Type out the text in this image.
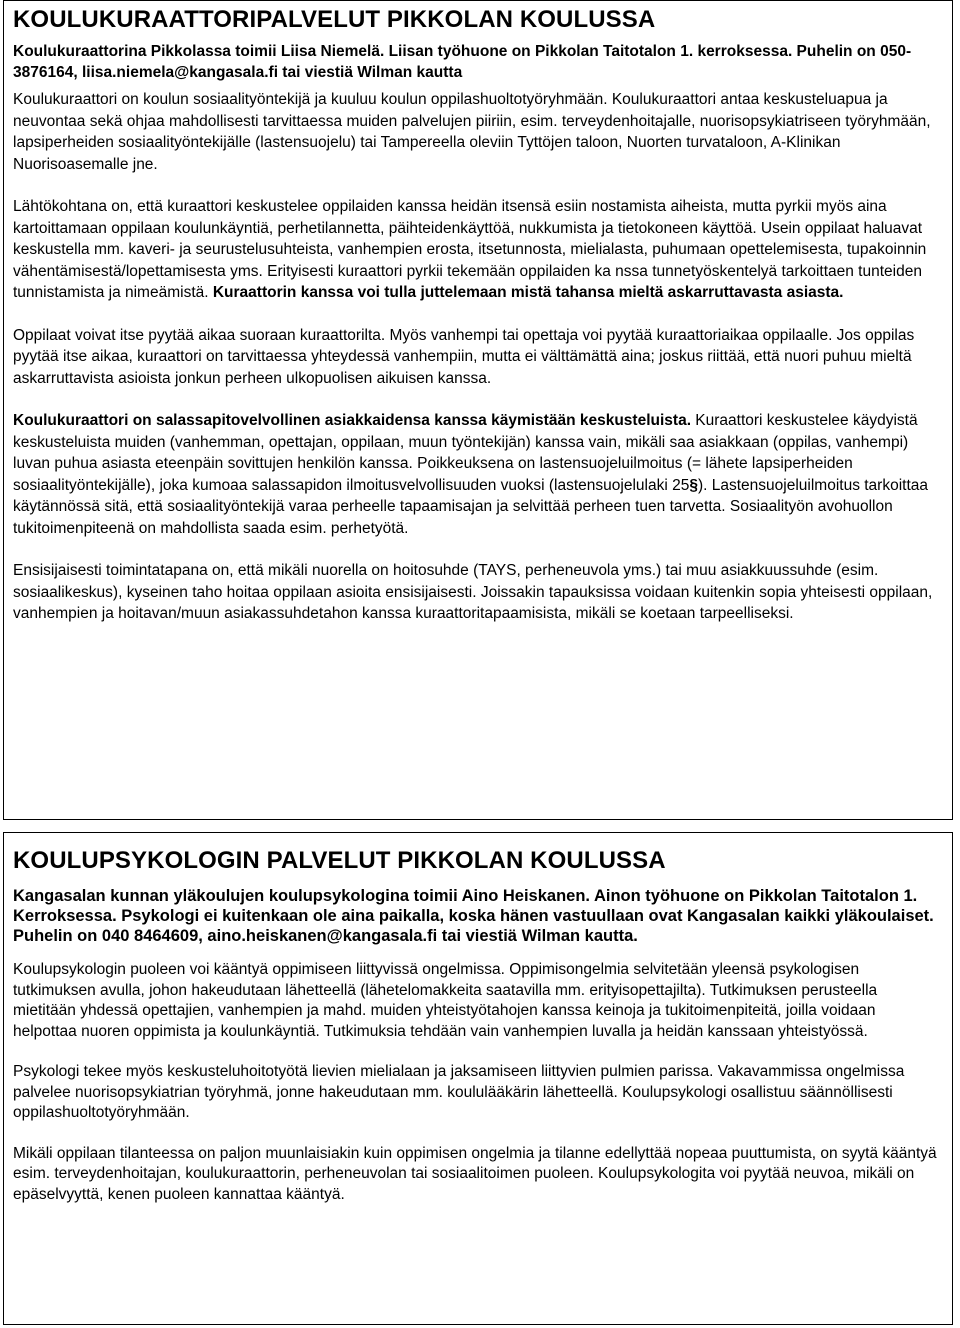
KOULUKURAATTORIPALVELUT PIKKOLAN KOULUSSA
Koulukuraattorina Pikkolassa toimii Liisa Niemelä. Liisan työhuone on Pikkolan Taitotalon 1. kerroksessa. Puhelin on 050-3876164, liisa.niemela@kangasala.fi tai viestiä Wilman kautta

Koulukuraattori on koulun sosiaalityöntekijä ja kuuluu koulun oppilashuoltotyöryhmään. Koulukuraattori antaa keskusteluapua ja neuvontaa sekä ohjaa mahdollisesti tarvittaessa muiden palvelujen piiriin, esim. terveydenhoitajalle, nuorisopsykiatriseen työryhmään, lapsiperheiden sosiaalityöntekijälle (lastensuojelu) tai Tampereella oleviin Tyttöjen taloon, Nuorten turvataloon, A-Klinikan Nuorisoasemalle jne.

Lähtökohtana on, että kuraattori keskustelee oppilaiden kanssa heidän itsensä esiin nostamista aiheista, mutta pyrkii myös aina kartoittamaan oppilaan koulunkäyntiä, perhetilannetta, päihteidenkäyttöä, nukkumista ja tietokoneen käyttöä. Usein oppilaat haluavat keskustella mm. kaveri- ja seurustelusuhteista, vanhempien erosta, itsetunnosta, mielialasta, puhumaan opettelemisesta, tupakoinnin vähentämisestä/lopettamisesta yms. Erityisesti kuraattori pyrkii tekemään oppilaiden ka nssa tunnetyöskentelyä tarkoittaen tunteiden tunnistamista ja nimeämistä. Kuraattorin kanssa voi tulla juttelemaan mistä tahansa mieltä askarruttavasta asiasta.

Oppilaat voivat itse pyytää aikaa suoraan kuraattorilta. Myös vanhempi tai opettaja voi pyytää kuraattoriaikaa oppilaalle. Jos oppilas pyytää itse aikaa, kuraattori on tarvittaessa yhteydessä vanhempiin, mutta ei välttämättä aina; joskus riittää, että nuori puhuu mieltä askarruttavista asioista jonkun perheen ulkopuolisen aikuisen kanssa.

Koulukuraattori on salassapitovelvollinen asiakkaidensa kanssa käymistään keskusteluista. Kuraattori keskustelee käydyistä keskusteluista muiden (vanhemman, opettajan, oppilaan, muun työntekijän) kanssa vain, mikäli saa asiakkaan (oppilas, vanhempi) luvan puhua asiasta eteenpäin sovittujen henkilön kanssa. Poikkeuksena on lastensuojeluilmoitus (= lähete lapsiperheiden sosiaalityöntekijälle), joka kumoaa salassapidon ilmoitusvelvollisuuden vuoksi (lastensuojelulaki 25§). Lastensuojeluilmoitus tarkoittaa käytännössä sitä, että sosiaalityöntekijä varaa perheelle tapaamisajan ja selvittää perheen tuen tarvetta. Sosiaalityön avohuollon tukitoimenpiteenä on mahdollista saada esim. perhetyötä.

Ensisijaisesti toimintatapana on, että mikäli nuorella on hoitosuhde (TAYS, perheneuvola yms.) tai muu asiakkuussuhde (esim. sosiaalikeskus), kyseinen taho hoitaa oppilaan asioita ensisijaisesti. Joissakin tapauksissa voidaan kuitenkin sopia yhteisesti oppilaan, vanhempien ja hoitavan/muun asiakassuhdetahon kanssa kuraattoritapaamisista, mikäli se koetaan tarpeelliseksi.

KOULUPSYKOLOGIN PALVELUT PIKKOLAN KOULUSSA
Kangasalan kunnan yläkoulujen koulupsykologina toimii Aino Heiskanen. Ainon työhuone on Pikkolan Taitotalon 1. Kerroksessa. Psykologi ei kuitenkaan ole aina paikalla, koska hänen vastuullaan ovat Kangasalan kaikki yläkoulaiset. Puhelin on 040 8464609, aino.heiskanen@kangasala.fi tai viestiä Wilman kautta.

Koulupsykologin puoleen voi kääntyä oppimiseen liittyvissä ongelmissa. Oppimisongelmia selvitetään yleensä psykologisen tutkimuksen avulla, johon hakeudutaan lähetteellä (lähetelomakkeita saatavilla mm. erityisopettajilta). Tutkimuksen perusteella mietitään yhdessä opettajien, vanhempien ja mahd. muiden yhteistyötahojen kanssa keinoja ja tukitoimenpiteitä, joilla voidaan helpottaa nuoren oppimista ja koulunkäyntiä. Tutkimuksia tehdään vain vanhempien luvalla ja heidän kanssaan yhteistyössä.

Psykologi tekee myös keskusteluhoitotyötä lievien mielialaan ja jaksamiseen liittyvien pulmien parissa. Vakavammissa ongelmissa palvelee nuorisopsykiatrian työryhmä, jonne hakeudutaan mm. koululääkärin lähetteellä. Koulupsykologi osallistuu säännöllisesti oppilashuoltotyöryhmään.

Mikäli oppilaan tilanteessa on paljon muunlaisiakin kuin oppimisen ongelmia ja tilanne edellyttää nopeaa puuttumista, on syytä kääntyä esim. terveydenhoitajan, koulukuraattorin, perheneuvolan tai sosiaalitoimen puoleen. Koulupsykologita voi pyytää neuvoa, mikäli on epäselvyyttä, kenen puoleen kannattaa kääntyä.
